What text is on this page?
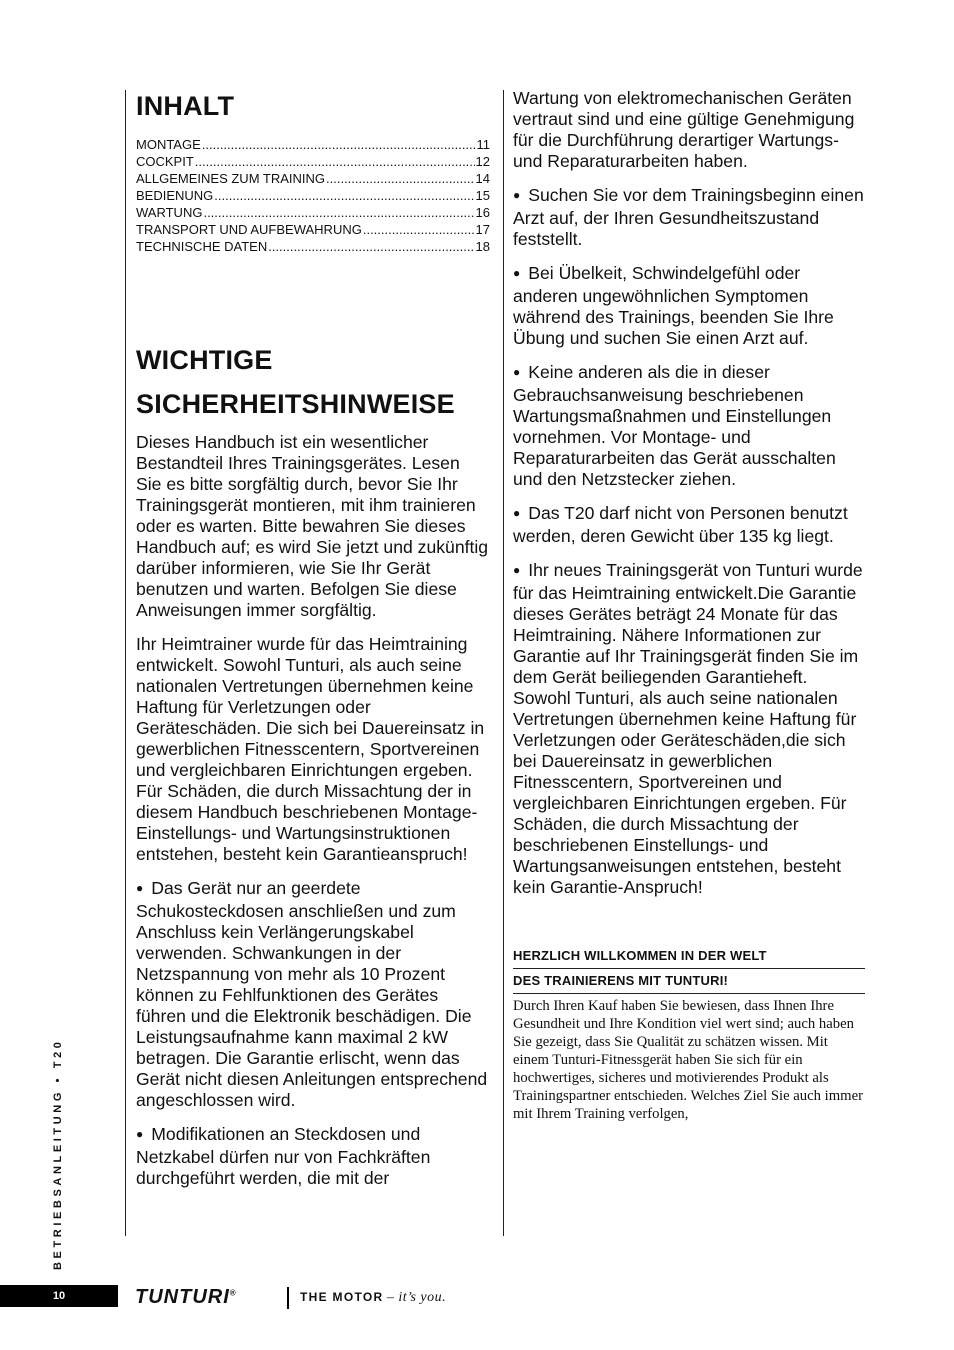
INHALT
MONTAGE .....	11
COCKPIT .....	12
ALLGEMEINES ZUM TRAINING .....	14
BEDIENUNG .....	15
WARTUNG .....	16
TRANSPORT UND AUFBEWAHRUNG .....	17
TECHNISCHE DATEN .....	18
WICHTIGE
SICHERHEITSHINWEISE

Dieses Handbuch ist ein wesentlicher Bestandteil Ihres Trainingsgerätes. Lesen Sie es bitte sorgfältig durch, bevor Sie Ihr Trainingsgerät montieren, mit ihm trainieren oder es warten. Bitte bewahren Sie dieses Handbuch auf; es wird Sie jetzt und zukünftig darüber informieren, wie Sie Ihr Gerät benutzen und warten. Befolgen Sie diese Anweisungen immer sorgfältig.

Ihr Heimtrainer wurde für das Heimtraining entwickelt. Sowohl Tunturi, als auch seine nationalen Vertretungen übernehmen keine Haftung für Verletzungen oder Geräteschäden. Die sich bei Dauereinsatz in gewerblichen Fitnesscentern, Sportvereinen und vergleichbaren Einrichtungen ergeben. Für Schäden, die durch Missachtung der in diesem Handbuch beschriebenen Montage- Einstellungs- und Wartungsinstruktionen entstehen, besteht kein Garantieanspruch!

● Das Gerät nur an geerdete Schukosteckdosen anschließen und zum Anschluss kein Verlängerungskabel verwenden. Schwankungen in der Netzspannung von mehr als 10 Prozent können zu Fehlfunktionen des Gerätes führen und die Elektronik beschädigen. Die Leistungsaufnahme kann maximal 2 kW betragen. Die Garantie erlischt, wenn das Gerät nicht diesen Anleitungen entsprechend angeschlossen wird.

● Modifikationen an Steckdosen und Netzkabel dürfen nur von Fachkräften durchgeführt werden, die mit der

Wartung von elektromechanischen Geräten vertraut sind und eine gültige Genehmigung für die Durchführung derartiger Wartungs- und Reparaturarbeiten haben.

● Suchen Sie vor dem Trainingsbeginn einen Arzt auf, der Ihren Gesundheitszustand feststellt.

● Bei Übelkeit, Schwindelgefühl oder anderen ungewöhnlichen Symptomen während des Trainings, beenden Sie Ihre Übung und suchen Sie einen Arzt auf.

● Keine anderen als die in dieser Gebrauchsanweisung beschriebenen Wartungsmaßnahmen und Einstellungen vornehmen. Vor Montage- und Reparaturarbeiten das Gerät ausschalten und den Netzstecker ziehen.

● Das T20 darf nicht von Personen benutzt werden, deren Gewicht über 135 kg liegt.

● Ihr neues Trainingsgerät von Tunturi wurde für das Heimtraining entwickelt.Die Garantie dieses Gerätes beträgt 24 Monate für das Heimtraining. Nähere Informationen zur Garantie auf Ihr Trainingsgerät finden Sie im dem Gerät beiliegenden Garantieheft. Sowohl Tunturi, als auch seine nationalen Vertretungen übernehmen keine Haftung für Verletzungen oder Geräteschäden,die sich bei Dauereinsatz in gewerblichen Fitnesscentern, Sportvereinen und vergleichbaren Einrichtungen ergeben. Für Schäden, die durch Missachtung der beschriebenen Einstellungs- und Wartungsanweisungen entstehen, besteht kein Garantie-Anspruch!

HERZLICH WILLKOMMEN IN DER WELT
DES TRAINIERENS MIT TUNTURI!
Durch Ihren Kauf haben Sie bewiesen, dass Ihnen Ihre Gesundheit und Ihre Kondition viel wert sind; auch haben Sie gezeigt, dass Sie Qualität zu schätzen wissen. Mit einem Tunturi-Fitnessgerät haben Sie sich für ein hochwertiges, sicheres und motivierendes Produkt als Trainingspartner entschieden. Welches Ziel Sie auch immer mit Ihrem Training verfolgen,
BETRIEBSANLEITUNG • T20
10	TUNTURI®	THE MOTOR – it’s you.
